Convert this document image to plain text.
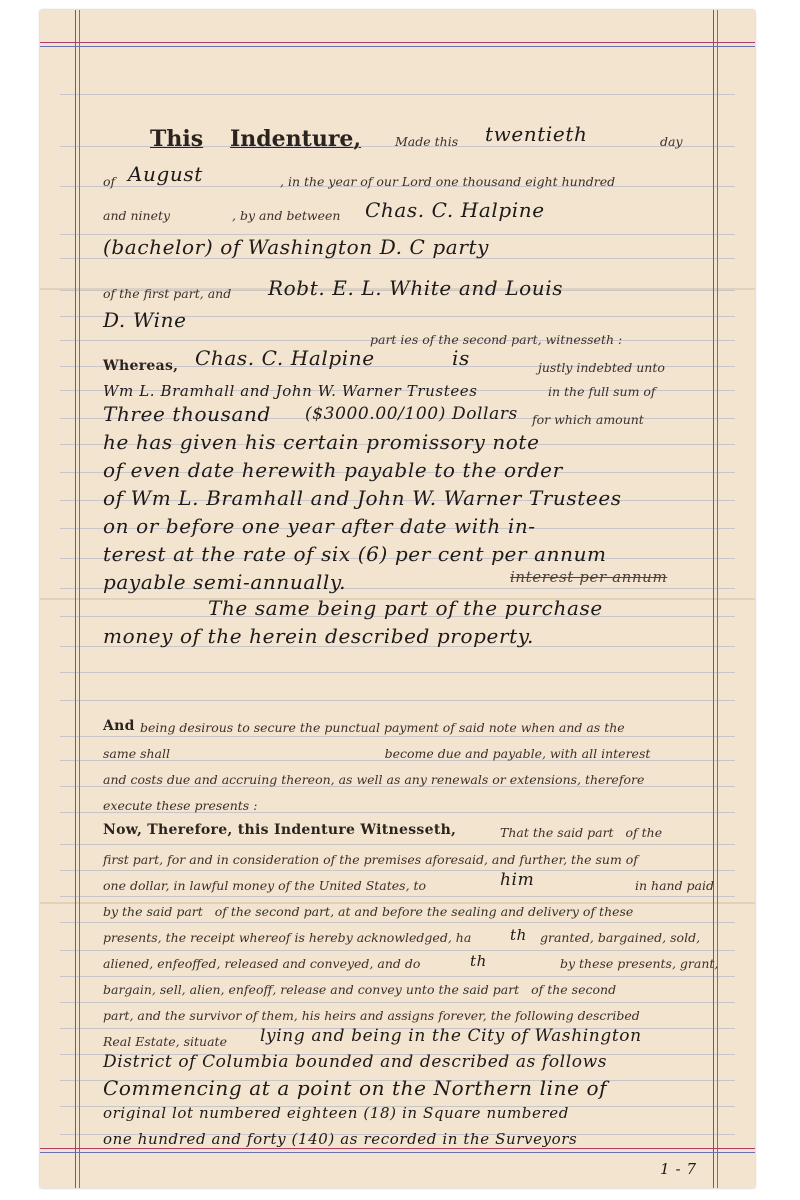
This Indenture,	Made this twentieth	day
of August	, in the year of our Lord one thousand eight hundred
and ninety	, by and between Chas. C. Halpine
(bachelor) of Washington D. C party
of the first part, and Robt. E. L. White and Louis
D. Wine
part ies of the second part, witnesseth :
Whereas, Chas. C. Halpine	is	justly indebted unto
Wm L. Bramhall and John W. Warner Trustees	in the full sum of
Three thousand ($3000.00/100) Dollars for which amount
he has given his certain promissory note
of even date herewith payable to the order
of Wm L. Bramhall and John W. Warner Trustees
on or before one year after date with in-
terest at the rate of six (6) per cent per annum
payable semi-annually.	interest per annum
The same being part of the purchase
money of the herein described property.
And being desirous to secure the punctual payment of said note when and as the
same shall                                                      become due and payable, with all interest
and costs due and accruing thereon, as well as any renewals or extensions, therefore
execute these presents :
Now, Therefore, this Indenture Witnesseth,	That the said part   of the
first part, for and in consideration of the premises aforesaid, and further, the sum of
one dollar, in lawful money of the United States, to	him	in hand paid
by the said part   of the second part, at and before the sealing and delivery of these
presents, the receipt whereof is hereby acknowledged, ha	th granted, bargained, sold,
aliened, enfeoffed, released and conveyed, and do	th	by these presents, grant,
bargain, sell, alien, enfeoff, release and convey unto the said part   of the second
part, and the survivor of them, his heirs and assigns forever, the following described
Real Estate, situate lying and being in the City of Washington
District of Columbia bounded and described as follows
Commencing at a point on the Northern line of
original lot numbered eighteen (18) in Square numbered
one hundred and forty (140) as recorded in the Surveyors
1 - 7
